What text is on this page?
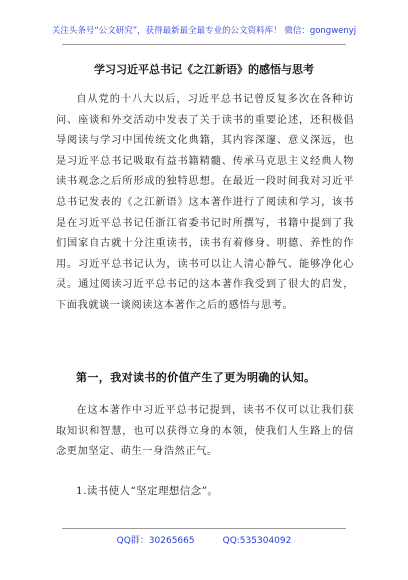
关注头条号“公文研究”，获得最新最全最专业的公文资料库！ 微信：gongwenyj
学习习近平总书记《之江新语》的感悟与思考

自从党的十八大以后，习近平总书记曾反复多次在各种访问、座谈和外交活动中发表了关于读书的重要论述，还积极倡导阅读与学习中国传统文化典籍，其内容深邃、意义深远，也是习近平总书记吸取有益书籍精髓、传承马克思主义经典人物读书观念之后所形成的独特思想。在最近一段时间我对习近平总书记发表的《之江新语》这本著作进行了阅读和学习，该书是在习近平总书记任浙江省委书记时所撰写，书籍中提到了我们国家自古就十分注重读书，读书有着修身、明德、养性的作用。习近平总书记认为，读书可以让人清心静气、能够净化心灵。通过阅读习近平总书记的这本著作我受到了很大的启发，下面我就谈一谈阅读这本著作之后的感悟与思考。

第一，我对读书的价值产生了更为明确的认知。

在这本著作中习近平总书记提到，读书不仅可以让我们获取知识和智慧，也可以获得立身的本领，使我们人生路上的信念更加坚定、萌生一身浩然正气。

1.读书使人“坚定理想信念”。
QQ群：30265665	QQ:535304092
